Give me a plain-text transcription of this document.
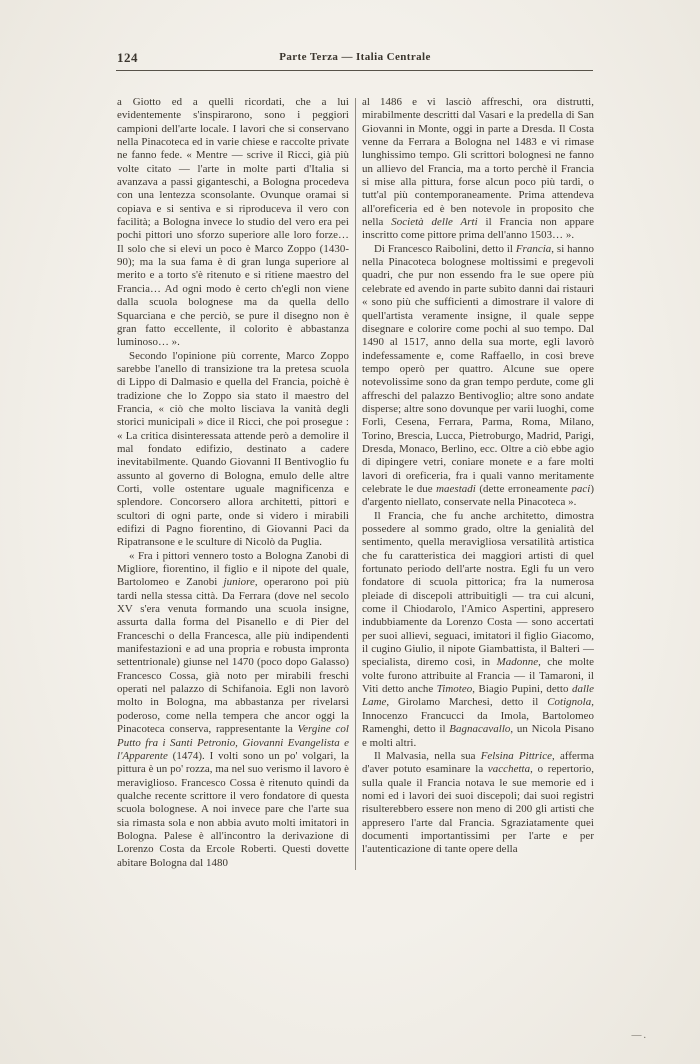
124	Parte Terza — Italia Centrale

a Giotto ed a quelli ricordati, che a lui evidentemente s'inspirarono, sono i peggiori campioni dell'arte locale. I lavori che si conservano nella Pinacoteca ed in varie chiese e raccolte private ne fanno fede. « Mentre — scrive il Ricci, già più volte citato — l'arte in molte parti d'Italia si avanzava a passi giganteschi, a Bologna procedeva con una lentezza sconsolante. Ovunque oramai si copiava e si sentiva e si riproduceva il vero con facilità; a Bologna invece lo studio del vero era pei pochi pittori uno sforzo superiore alle loro forze… Il solo che si elevi un poco è Marco Zoppo (1430-90); ma la sua fama è di gran lunga superiore al merito e a torto s'è ritenuto e si ritiene maestro del Francia… Ad ogni modo è certo ch'egli non viene dalla scuola bolognese ma da quella dello Squarciana e che perciò, se pure il disegno non è gran fatto eccellente, il colorito è abbastanza luminoso… ».

Secondo l'opinione più corrente, Marco Zoppo sarebbe l'anello di transizione tra la pretesa scuola di Lippo di Dalmasio e quella del Francia, poichè è tradizione che lo Zoppo sia stato il maestro del Francia, « ciò che molto lisciava la vanità degli storici municipali » dice il Ricci, che poi prosegue : « La critica disinteressata attende però a demolire il mal fondato edifizio, destinato a cadere inevitabilmente. Quando Giovanni II Bentivoglio fu assunto al governo di Bologna, emulo delle altre Corti, volle ostentare uguale magnificenza e splendore. Concorsero allora architetti, pittori e scultori di ogni parte, onde si videro i mirabili edifizi di Pagno fiorentino, di Giovanni Paci da Ripatransone e le sculture di Nicolò da Puglia.

« Fra i pittori vennero tosto a Bologna Zanobi di Migliore, fiorentino, il figlio e il nipote del quale, Bartolomeo e Zanobi juniore, operarono poi più tardi nella stessa città. Da Ferrara (dove nel secolo XV s'era venuta formando una scuola insigne, assurta dalla forma del Pisanello e di Pier del Franceschi o della Francesca, alle più indipendenti manifestazioni e ad una propria e robusta impronta settentrionale) giunse nel 1470 (poco dopo Galasso) Francesco Cossa, già noto per mirabili freschi operati nel palazzo di Schifanoia. Egli non lavorò molto in Bologna, ma abbastanza per rivelarsi poderoso, come nella tempera che ancor oggi la Pinacoteca conserva, rappresentante la Vergine col Putto fra i Santi Petronio, Giovanni Evangelista e l'Apparente (1474). I volti sono un po' volgari, la pittura è un po' rozza, ma nel suo verismo il lavoro è meraviglioso. Francesco Cossa è ritenuto quindi da qualche recente scrittore il vero fondatore di questa scuola bolognese. A noi invece pare che l'arte sua sia rimasta sola e non abbia avuto molti imitatori in Bologna. Palese è all'incontro la derivazione di Lorenzo Costa da Ercole Roberti. Questi dovette abitare Bologna dal 1480

al 1486 e vi lasciò affreschi, ora distrutti, mirabilmente descritti dal Vasari e la predella di San Giovanni in Monte, oggi in parte a Dresda. Il Costa venne da Ferrara a Bologna nel 1483 e vi rimase lunghissimo tempo. Gli scrittori bolognesi ne fanno un allievo del Francia, ma a torto perchè il Francia si mise alla pittura, forse alcun poco più tardi, o tutt'al più contemporaneamente. Prima attendeva all'oreficeria ed è ben notevole in proposito che nella Società delle Arti il Francia non appare inscritto come pittore prima dell'anno 1503… ».

Di Francesco Raibolini, detto il Francia, si hanno nella Pinacoteca bolognese moltissimi e pregevoli quadri, che pur non essendo fra le sue opere più celebrate ed avendo in parte subìto danni dai ristauri « sono più che sufficienti a dimostrare il valore di quell'artista veramente insigne, il quale seppe disegnare e colorire come pochi al suo tempo. Dal 1490 al 1517, anno della sua morte, egli lavorò indefessamente e, come Raffaello, in così breve tempo operò per quattro. Alcune sue opere notevolissime sono da gran tempo perdute, come gli affreschi del palazzo Bentivoglio; altre sono andate disperse; altre sono dovunque per varii luoghi, come Forlì, Cesena, Ferrara, Parma, Roma, Milano, Torino, Brescia, Lucca, Pietroburgo, Madrid, Parigi, Dresda, Monaco, Berlino, ecc. Oltre a ciò ebbe agio di dipingere vetri, coniare monete e a fare molti lavori di oreficeria, fra i quali vanno meritamente celebrate le due maestadi (dette erroneamente paci) d'argento niellato, conservate nella Pinacoteca ».

Il Francia, che fu anche architetto, dimostra possedere al sommo grado, oltre la genialità del sentimento, quella meravigliosa versatilità artistica che fu caratteristica dei maggiori artisti di quel fortunato periodo dell'arte nostra. Egli fu un vero fondatore di scuola pittorica; fra la numerosa pleiade di discepoli attribuitigli — tra cui alcuni, come il Chiodarolo, l'Amico Aspertini, appresero indubbiamente da Lorenzo Costa — sono accertati per suoi allievi, seguaci, imitatori il figlio Giacomo, il cugino Giulio, il nipote Giambattista, il Balteri — specialista, diremo così, in Madonne, che molte volte furono attribuite al Francia — il Tamaroni, il Viti detto anche Timoteo, Biagio Pupini, detto dalle Lame, Girolamo Marchesi, detto il Cotignola, Innocenzo Francucci da Imola, Bartolomeo Ramenghi, detto il Bagnacavallo, un Nicola Pisano e molti altri.

Il Malvasia, nella sua Felsina Pittrice, afferma d'aver potuto esaminare la vacchetta, o repertorio, sulla quale il Francia notava le sue memorie ed i nomi ed i lavori dei suoi discepoli; dai suoi registri risulterebbero essere non meno di 200 gli artisti che appresero l'arte dal Francia. Sgraziatamente quei documenti importantissimi per l'arte e per l'autenticazione di tante opere della

—.
